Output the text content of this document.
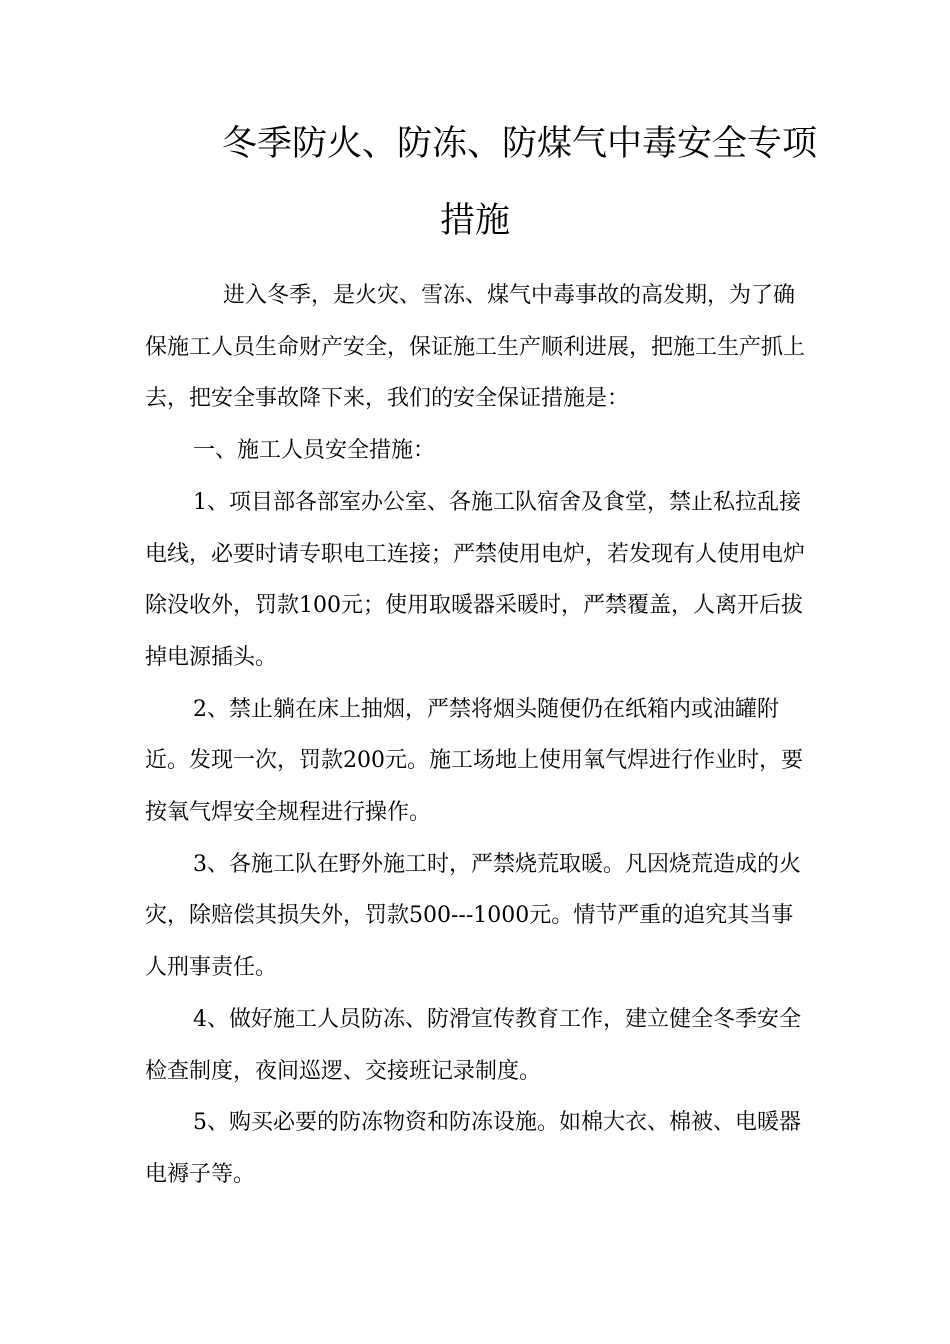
冬季防火、防冻、防煤气中毒安全专项
措施

进入冬季，是火灾、雪冻、煤气中毒事故的高发期，为了确保施工人员生命财产安全，保证施工生产顺利进展，把施工生产抓上去，把安全事故降下来，我们的安全保证措施是：

一、施工人员安全措施：

1、项目部各部室办公室、各施工队宿舍及食堂，禁止私拉乱接电线，必要时请专职电工连接；严禁使用电炉，若发现有人使用电炉除没收外，罚款100元；使用取暖器采暖时，严禁覆盖，人离开后拔掉电源插头。

2、禁止躺在床上抽烟，严禁将烟头随便仍在纸箱内或油罐附近。发现一次，罚款200元。施工场地上使用氧气焊进行作业时，要按氧气焊安全规程进行操作。

3、各施工队在野外施工时，严禁烧荒取暖。凡因烧荒造成的火灾，除赔偿其损失外，罚款500---1000元。情节严重的追究其当事人刑事责任。

4、做好施工人员防冻、防滑宣传教育工作，建立健全冬季安全检查制度，夜间巡逻、交接班记录制度。

5、购买必要的防冻物资和防冻设施。如棉大衣、棉被、电暖器电褥子等。
